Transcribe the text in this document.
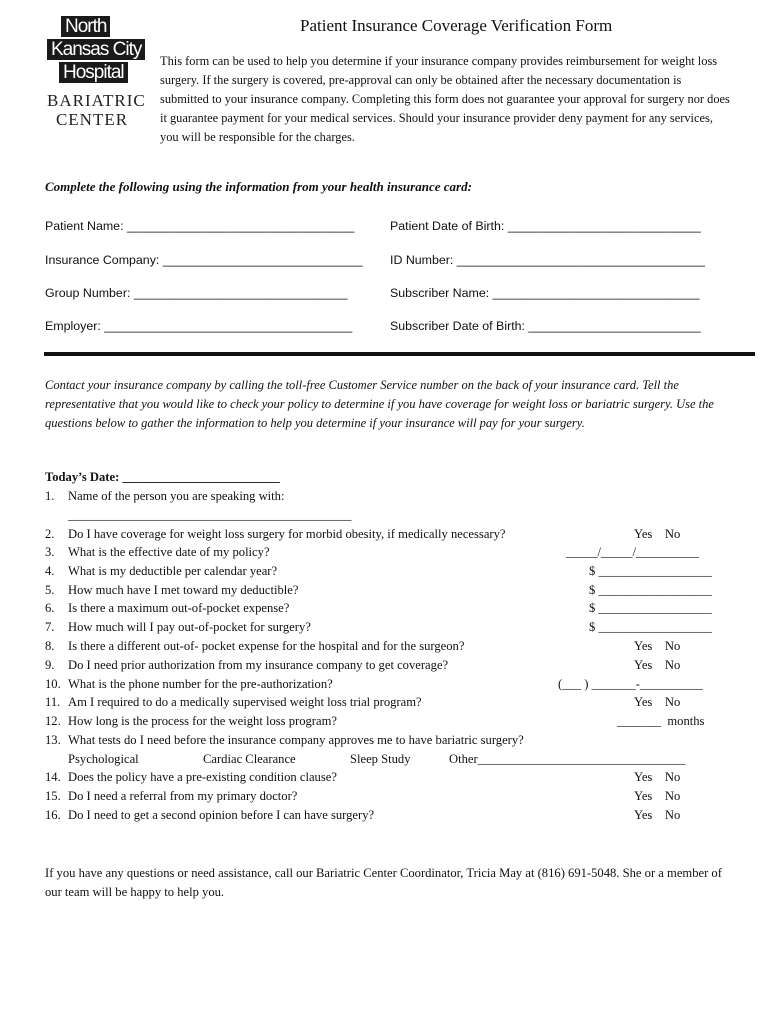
North
Kansas City
Hospital
BARIATRIC
CENTER
Patient Insurance Coverage Verification Form
This form can be used to help you determine if your insurance company provides reimbursement for weight loss surgery. If the surgery is covered, pre-approval can only be obtained after the necessary documentation is submitted to your insurance company. Completing this form does not guarantee your approval for surgery nor does it guarantee payment for your medical services. Should your insurance provider deny payment for any services, you will be responsible for the charges.
Complete the following using the information from your health insurance card:
Patient Name: _________________________________	Patient Date of Birth: ____________________________
Insurance Company: _____________________________ ID Number: ____________________________________
Group Number: _______________________________	Subscriber Name: ______________________________
Employer: ____________________________________	Subscriber Date of Birth: _________________________
Contact your insurance company by calling the toll-free Customer Service number on the back of your insurance card. Tell the representative that you would like to check your policy to determine if you have coverage for weight loss or bariatric surgery. Use the questions below to gather the information to help you determine if your insurance will pay for your surgery.
Today’s Date: _________________________
1. Name of the person you are speaking with:
_____________________________________________
2. Do I have coverage for weight loss surgery for morbid obesity, if medically necessary?	Yes    No
3. What is the effective date of my policy?	_____/_____/__________
4. What is my deductible per calendar year?	$ __________________
5. How much have I met toward my deductible?	$ __________________
6. Is there a maximum out-of-pocket expense?	$ __________________
7. How much will I pay out-of-pocket for surgery?	$ __________________
8. Is there a different out-of- pocket expense for the hospital and for the surgeon?	Yes    No
9. Do I need prior authorization from my insurance company to get coverage?	Yes    No
10. What is the phone number for the pre-authorization?	(___ ) _______-__________
11. Am I required to do a medically supervised weight loss trial program?	Yes    No
12. How long is the process for the weight loss program?	_______  months
13. What tests do I need before the insurance company approves me to have bariatric surgery?
Psychological	Cardiac Clearance	Sleep Study	Other_________________________________
14. Does the policy have a pre-existing condition clause?	Yes    No
15. Do I need a referral from my primary doctor?	Yes    No
16. Do I need to get a second opinion before I can have surgery?	Yes    No
If you have any questions or need assistance, call our Bariatric Center Coordinator, Tricia May at (816) 691-5048. She or a member of our team will be happy to help you.
